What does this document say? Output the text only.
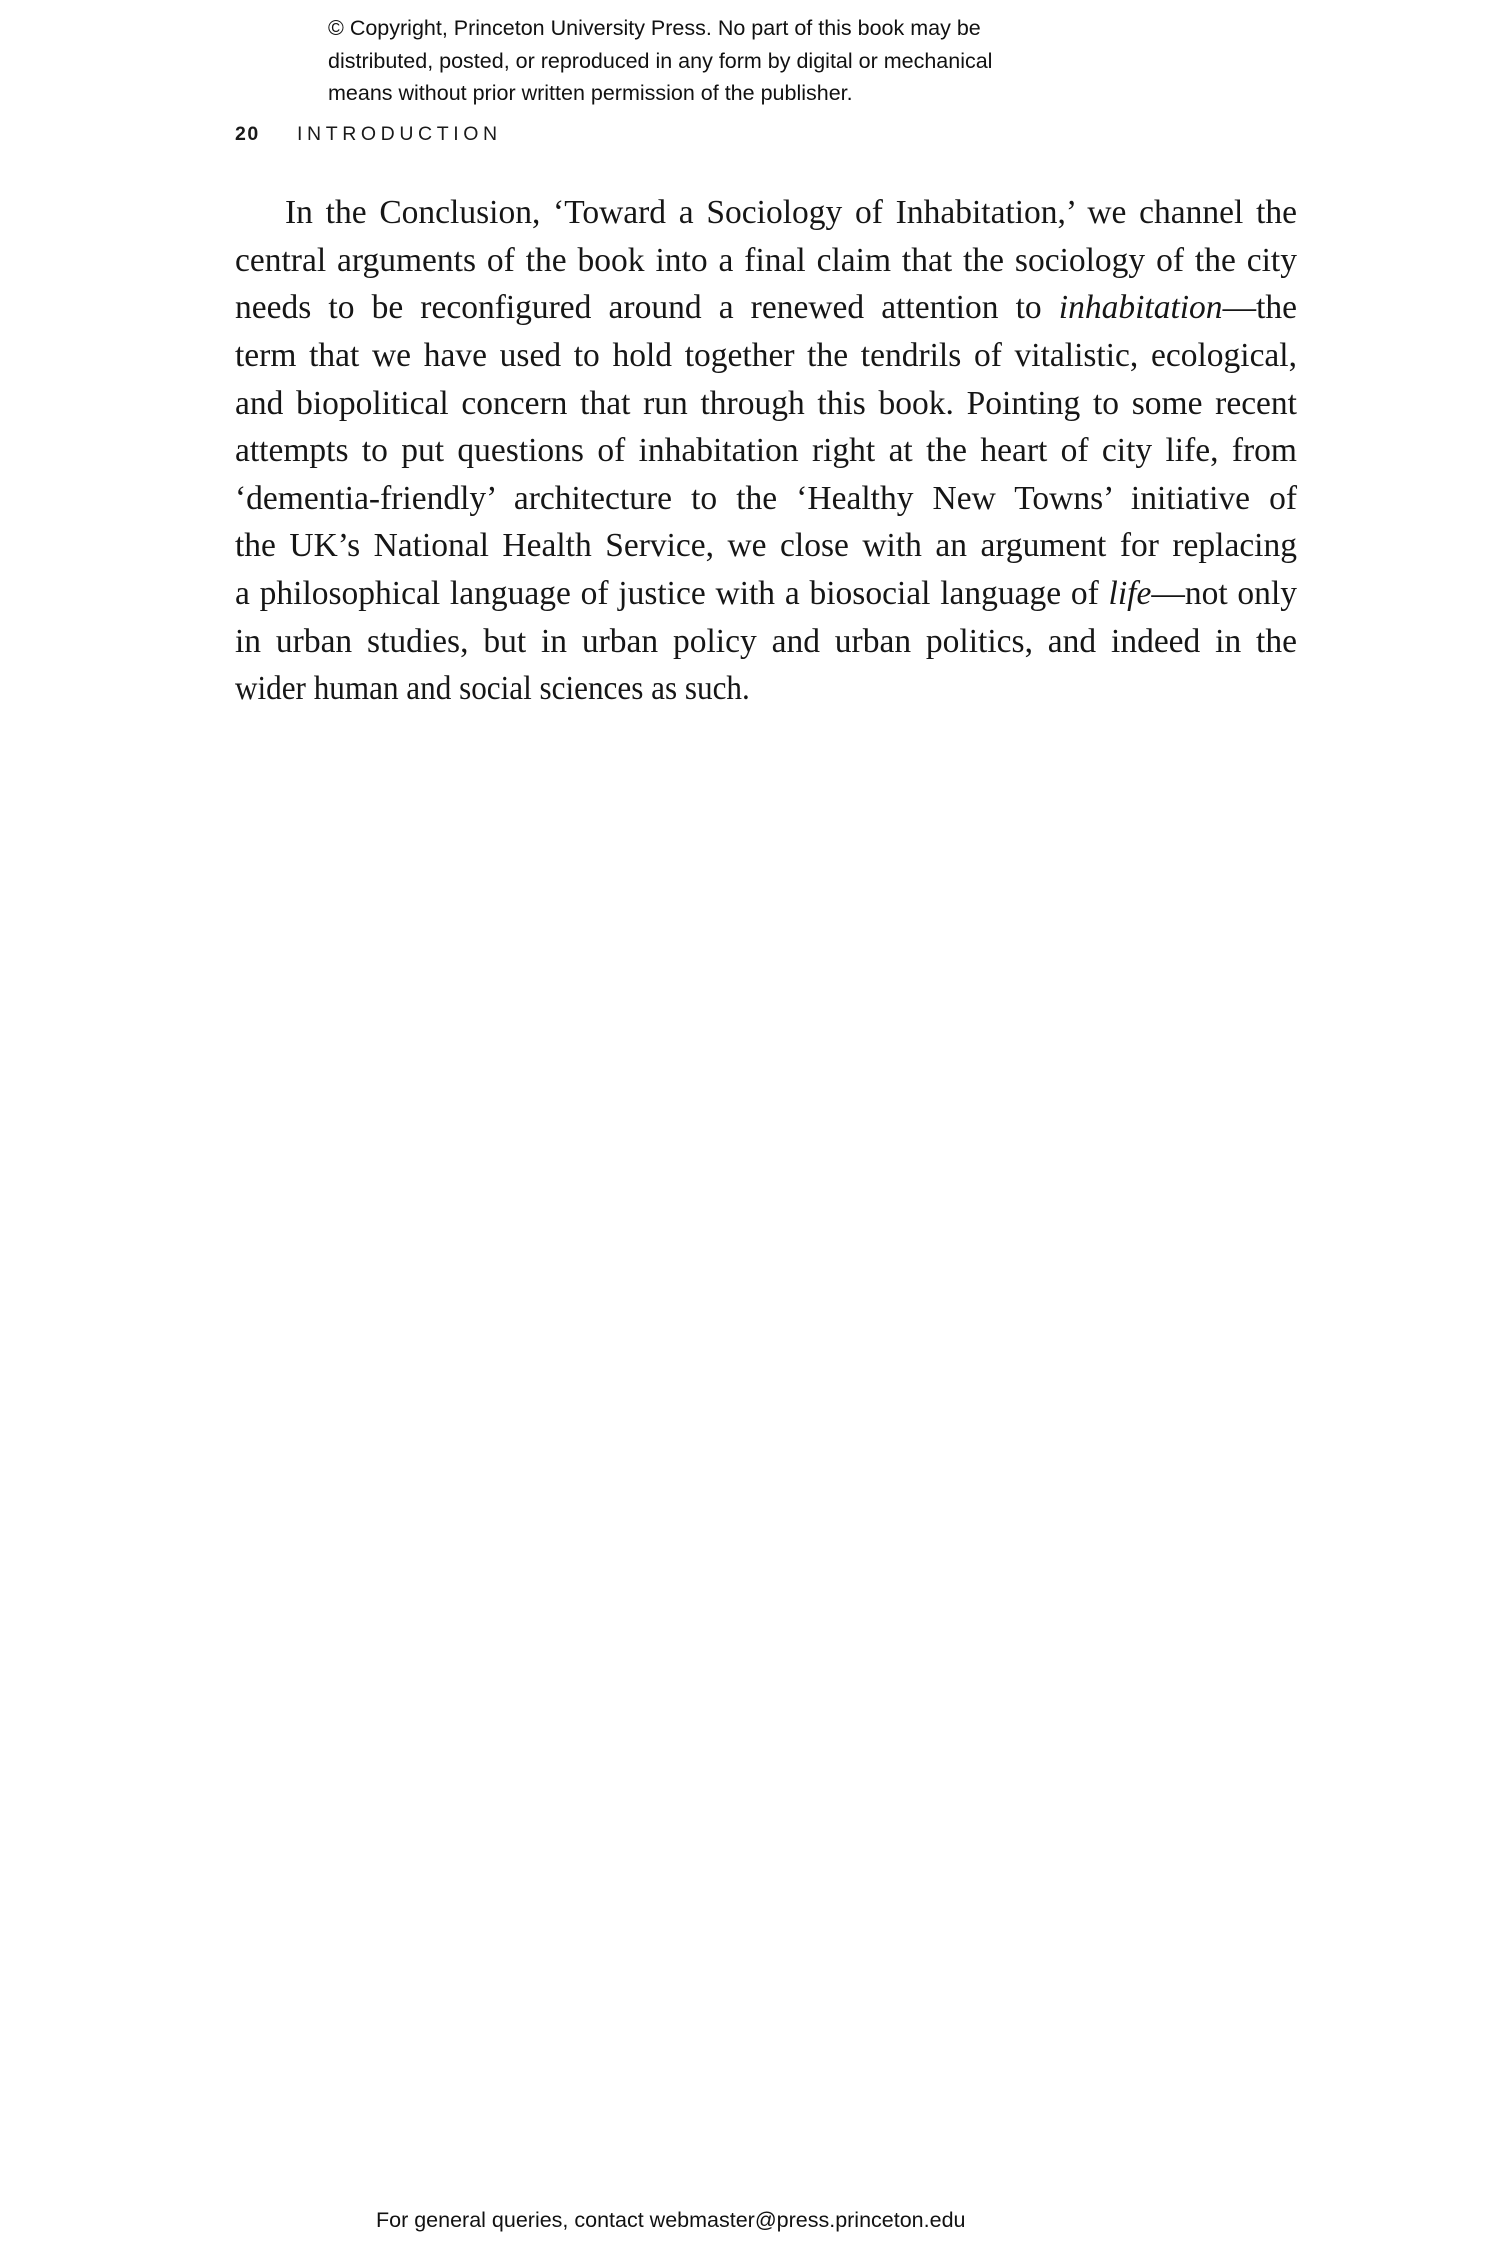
© Copyright, Princeton University Press. No part of this book may be
distributed, posted, or reproduced in any form by digital or mechanical
means without prior written permission of the publisher.
20 INTRODUCTION
In the Conclusion, ‘Toward a Sociology of Inhabitation,’ we channel the
central arguments of the book into a final claim that the sociology of the city
needs to be reconfigured around a renewed attention to inhabitation—the
term that we have used to hold together the tendrils of vitalistic, ecological,
and biopolitical concern that run through this book. Pointing to some recent
attempts to put questions of inhabitation right at the heart of city life, from
‘dementia-friendly’ architecture to the ‘Healthy New Towns’ initiative of
the UK’s National Health Service, we close with an argument for replacing
a philosophical language of justice with a biosocial language of life—not only
in urban studies, but in urban policy and urban politics, and indeed in the
wider human and social sciences as such.
For general queries, contact webmaster@press.princeton.edu
